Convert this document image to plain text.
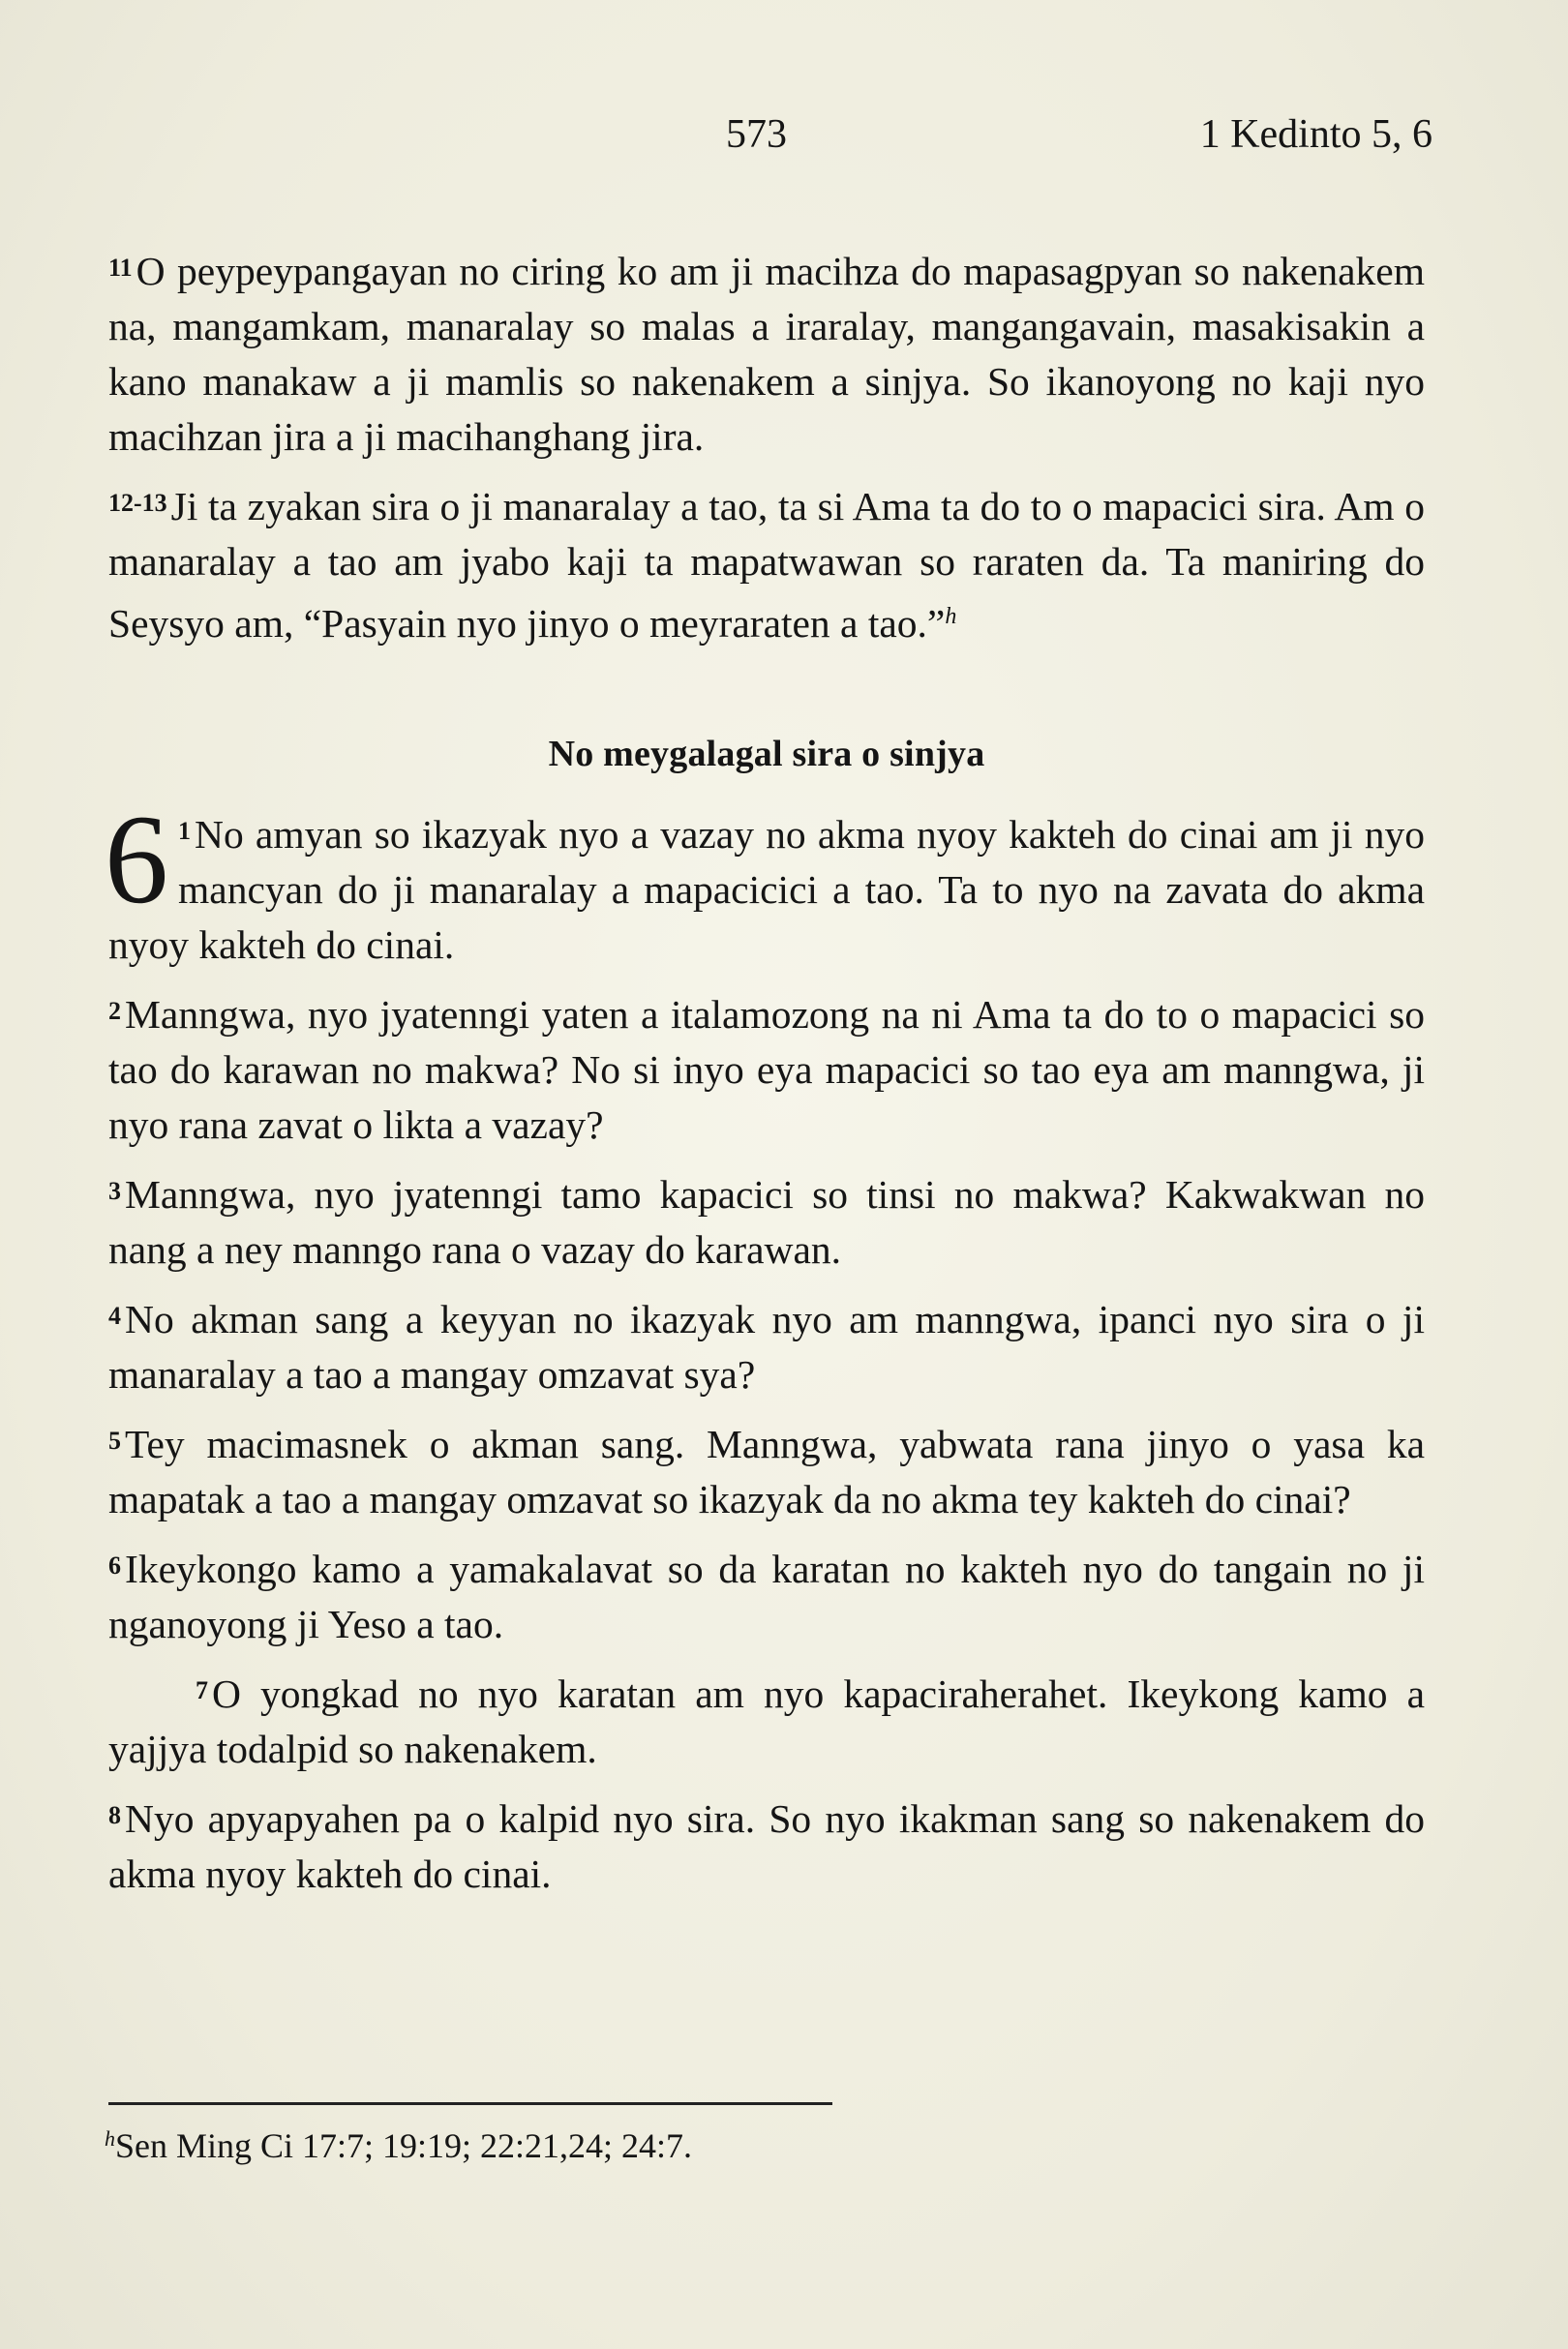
573	1 Kedinto 5, 6

$^{11}$O peypeypangayan no ciring ko am ji macihza do mapasagpyan so nakenakem na, mangamkam, manaralay so malas a iraralay, mangangavain, masakisakin a kano manakaw a ji mamlis so nakenakem a sinjya. So ikanoyong no kaji nyo macihzan jira a ji macihanghang jira.

$^{12-13}$Ji ta zyakan sira o ji manaralay a tao, ta si Ama ta do to o mapacici sira. Am o manaralay a tao am jyabo kaji ta mapatwawan so raraten da. Ta maniring do Seysyo am, “Pasyain nyo jinyo o meyraraten a tao.”$^h$

No meygalagal sira o sinjya

6 $^1$No amyan so ikazyak nyo a vazay no akma nyoy kakteh do cinai am ji nyo mancyan do ji manaralay a mapacicici a tao. Ta to nyo na zavata do akma nyoy kakteh do cinai.

$^2$Manngwa, nyo jyatenngi yaten a italamozong na ni Ama ta do to o mapacici so tao do karawan no makwa? No si inyo eya mapacici so tao eya am manngwa, ji nyo rana zavat o likta a vazay?

$^3$Manngwa, nyo jyatenngi tamo kapacici so tinsi no makwa? Kakwakwan no nang a ney manngo rana o vazay do karawan.

$^4$No akman sang a keyyan no ikazyak nyo am manngwa, ipanci nyo sira o ji manaralay a tao a mangay omzavat sya?

$^5$Tey macimasnek o akman sang. Manngwa, yabwata rana jinyo o yasa ka mapatak a tao a mangay omzavat so ikazyak da no akma tey kakteh do cinai?

$^6$Ikeykongo kamo a yamakalavat so da karatan no kakteh nyo do tangain no ji nganoyong ji Yeso a tao.

$^7$O yongkad no nyo karatan am nyo kapaciraherahet. Ikeykong kamo a yajjya todalpid so nakenakem.

$^8$Nyo apyapyahen pa o kalpid nyo sira. So nyo ikakman sang so nakenakem do akma nyoy kakteh do cinai.

$^h$Sen Ming Ci 17:7; 19:19; 22:21,24; 24:7.
